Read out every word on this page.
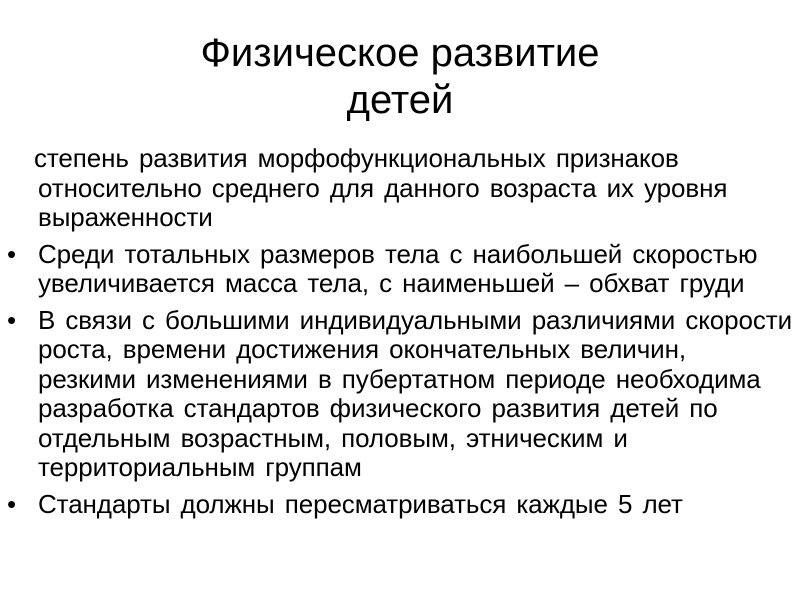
Физическое развитие
детей

степень развития морфофункциональных признаков относительно среднего для данного возраста их уровня выраженности

• Среди тотальных размеров тела с наибольшей скоростью увеличивается масса тела, с наименьшей – обхват груди
• В связи с большими индивидуальными различиями скорости роста, времени достижения окончательных величин, резкими изменениями в пубертатном периоде необходима разработка стандартов физического развития детей по отдельным возрастным, половым, этническим и территориальным группам
• Стандарты должны пересматриваться каждые 5 лет
